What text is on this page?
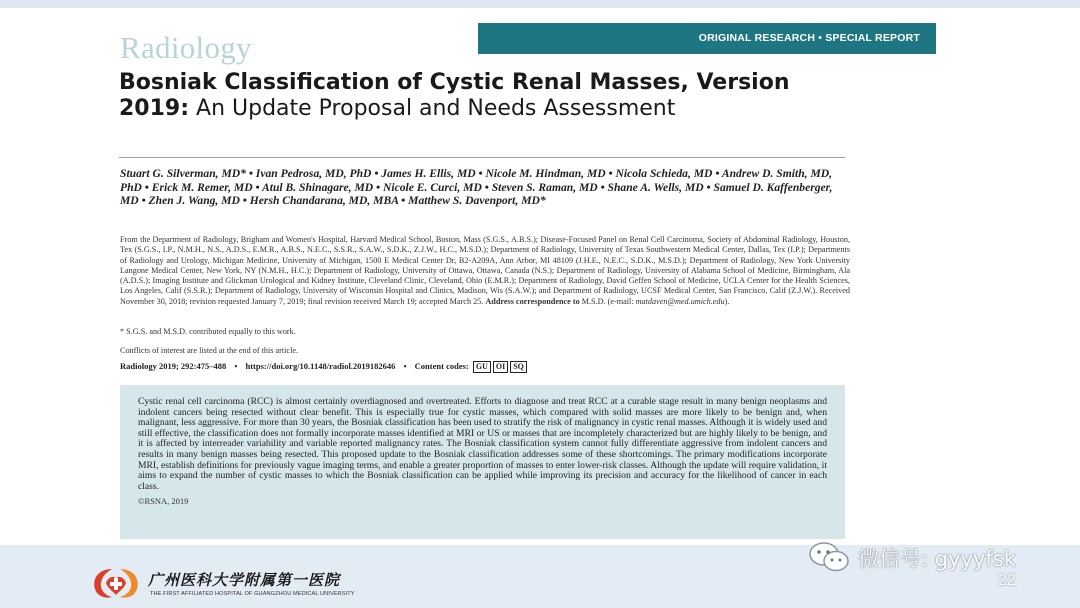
Radiology	ORIGINAL RESEARCH • SPECIAL REPORT
Bosniak Classification of Cystic Renal Masses, Version 2019: An Update Proposal and Needs Assessment
Stuart G. Silverman, MD* • Ivan Pedrosa, MD, PhD • James H. Ellis, MD • Nicole M. Hindman, MD • Nicola Schieda, MD • Andrew D. Smith, MD, PhD • Erick M. Remer, MD • Atul B. Shinagare, MD • Nicole E. Curci, MD • Steven S. Raman, MD • Shane A. Wells, MD • Samuel D. Kaffenberger, MD • Zhen J. Wang, MD • Hersh Chandarana, MD, MBA • Matthew S. Davenport, MD*
From the Department of Radiology, Brigham and Women's Hospital, Harvard Medical School, Boston, Mass (S.G.S., A.B.S.); Disease-Focused Panel on Renal Cell Carcinoma, Society of Abdominal Radiology, Houston, Tex (S.G.S., I.P., N.M.H., N.S., A.D.S., E.M.R., A.B.S., N.E.C., S.S.R., S.A.W., S.D.K., Z.J.W., H.C., M.S.D.); Department of Radiology, University of Texas Southwestern Medical Center, Dallas, Tex (I.P.); Departments of Radiology and Urology, Michigan Medicine, University of Michigan, 1500 E Medical Center Dr, B2-A209A, Ann Arbor, MI 48109 (J.H.E., N.E.C., S.D.K., M.S.D.); Department of Radiology, New York University Langone Medical Center, New York, NY (N.M.H., H.C.); Department of Radiology, University of Ottawa, Ottawa, Canada (N.S.); Department of Radiology, University of Alabama School of Medicine, Birmingham, Ala (A.D.S.); Imaging Institute and Glickman Urological and Kidney Institute, Cleveland Clinic, Cleveland, Ohio (E.M.R.); Department of Radiology, David Geffen School of Medicine, UCLA Center for the Health Sciences, Los Angeles, Calif (S.S.R.); Department of Radiology, University of Wisconsin Hospital and Clinics, Madison, Wis (S.A.W.); and Department of Radiology, UCSF Medical Center, San Francisco, Calif (Z.J.W.). Received November 30, 2018; revision requested January 7, 2019; final revision received March 19; accepted March 25. Address correspondence to M.S.D. (e-mail: matdaven@med.umich.edu).
* S.G.S. and M.S.D. contributed equally to this work.
Conflicts of interest are listed at the end of this article.
Radiology 2019; 292:475–488 • https://doi.org/10.1148/radiol.2019182646 • Content codes: GU OI SQ

Cystic renal cell carcinoma (RCC) is almost certainly overdiagnosed and overtreated. Efforts to diagnose and treat RCC at a curable stage result in many benign neoplasms and indolent cancers being resected without clear benefit. This is especially true for cystic masses, which compared with solid masses are more likely to be benign and, when malignant, less aggressive. For more than 30 years, the Bosniak classification has been used to stratify the risk of malignancy in cystic renal masses. Although it is widely used and still effective, the classification does not formally incorporate masses identified at MRI or US or masses that are incompletely characterized but are highly likely to be benign, and it is affected by interreader variability and variable reported malignancy rates. The Bosniak classification system cannot fully differentiate aggressive from indolent cancers and results in many benign masses being resected. This proposed update to the Bosniak classification addresses some of these shortcomings. The primary modifications incorporate MRI, establish definitions for previously vague imaging terms, and enable a greater proportion of masses to enter lower-risk classes. Although the update will require validation, it aims to expand the number of cystic masses to which the Bosniak classification can be applied while improving its precision and accuracy for the likelihood of cancer in each class.

©RSNA, 2019

广州医科大学附属第一医院
THE FIRST AFFILIATED HOSPITAL OF GUANGZHOU MEDICAL UNIVERSITY
微信号: gyyyfsk
22
